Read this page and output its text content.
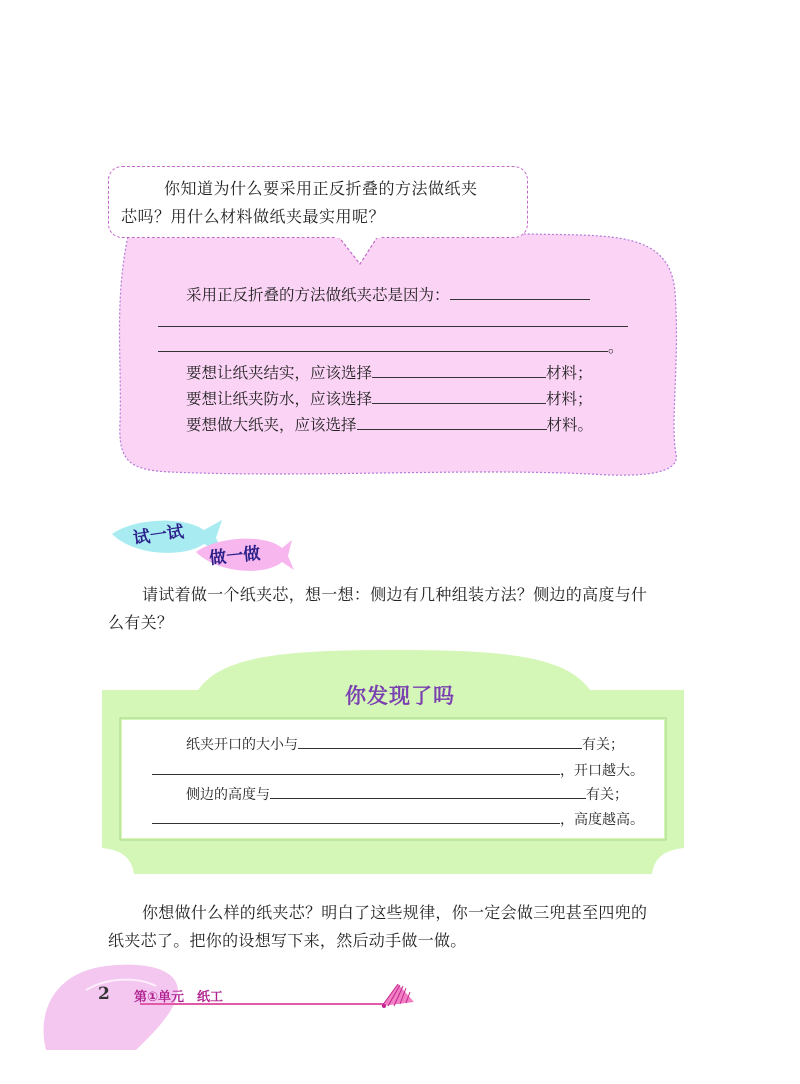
你知道为什么要采用正反折叠的方法做纸夹
芯吗？用什么材料做纸夹最实用呢？
采用正反折叠的方法做纸夹芯是因为：
。
要想让纸夹结实，应该选择	材料；
要想让纸夹防水，应该选择	材料；
要想做大纸夹，应该选择	材料。
试一试
做一做
请试着做一个纸夹芯，想一想：侧边有几种组装方法？侧边的高度与什
么有关？
你发现了吗
纸夹开口的大小与	有关；
，开口越大。
侧边的高度与	有关；
，高度越高。
你想做什么样的纸夹芯？明白了这些规律，你一定会做三兜甚至四兜的
纸夹芯了。把你的设想写下来，然后动手做一做。
2 第①单元　纸工
